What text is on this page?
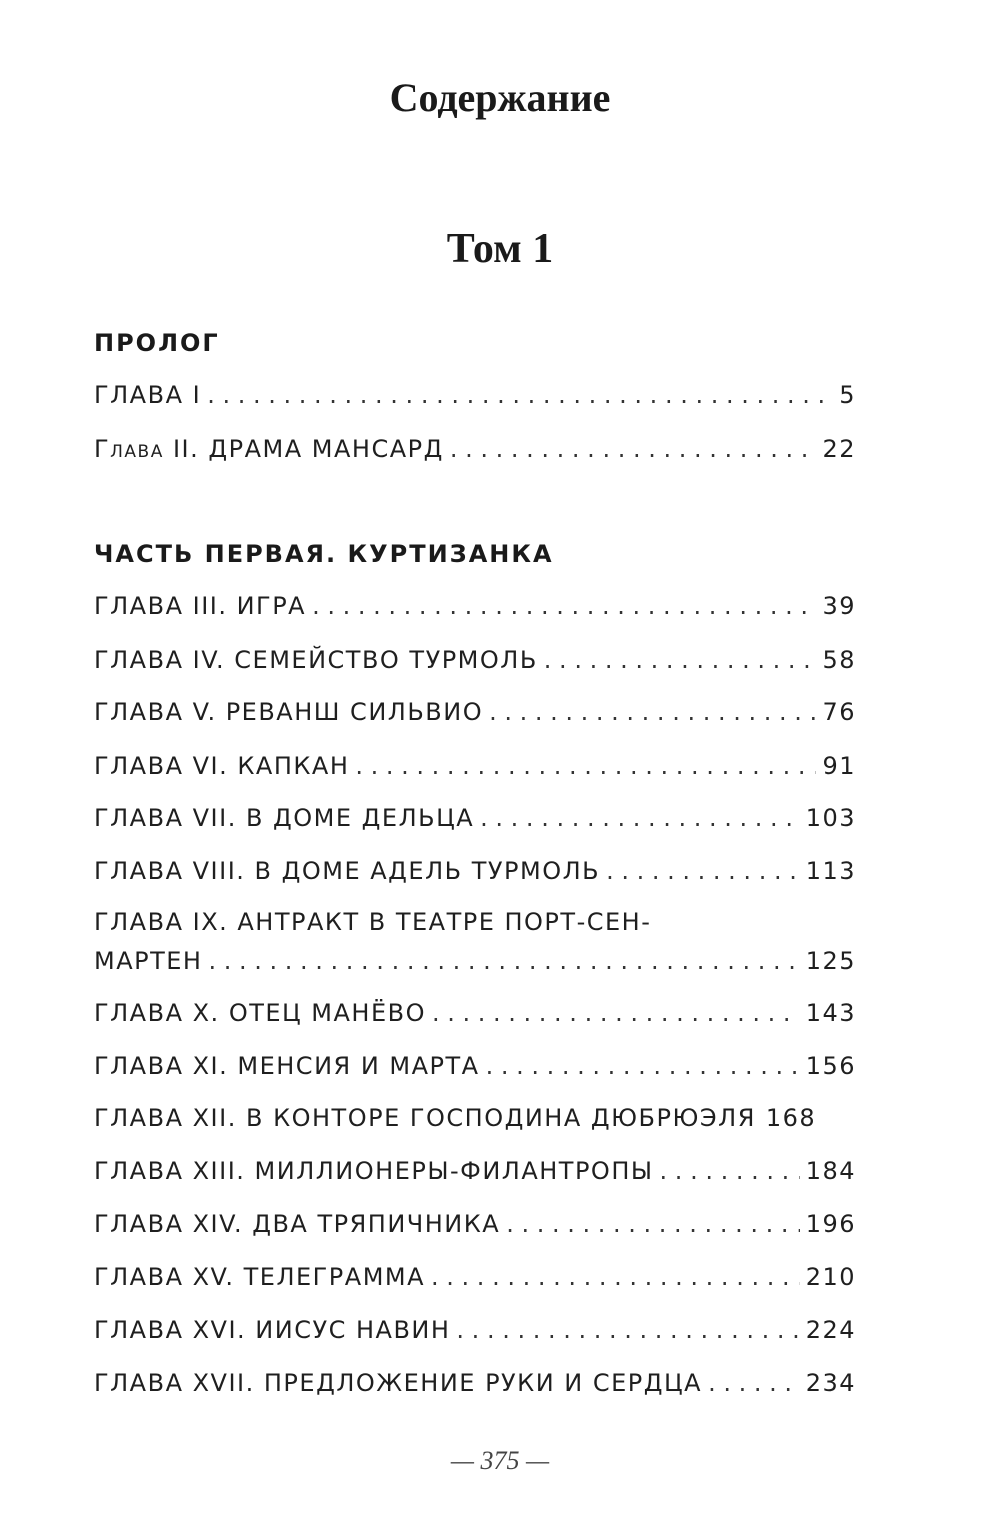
Содержание
Том 1
ПРОЛОГ
ГЛАВА I . . .	5
Глава II. ДРАМА МАНСАРД . . .	22
ЧАСТЬ ПЕРВАЯ. КУРТИЗАНКА
ГЛАВА III. ИГРА . . .	39
ГЛАВА IV. СЕМЕЙСТВО ТУРМОЛЬ . . .	58
ГЛАВА V. РЕВАНШ СИЛЬВИО . . .	76
ГЛАВА VI. КАПКАН . . .	91
ГЛАВА VII. В ДОМЕ ДЕЛЬЦА . . .	103
ГЛАВА VIII. В ДОМЕ АДЕЛЬ ТУРМОЛЬ . . .	113
ГЛАВА IX. АНТРАКТ В ТЕАТРЕ ПОРТ-СЕН-
МАРТЕН . . .	125
ГЛАВА X. ОТЕЦ МАНЁВО . . .	143
ГЛАВА XI. МЕНСИЯ И МАРТА . . .	156
ГЛАВА XII. В КОНТОРЕ ГОСПОДИНА ДЮБРЮЭЛЯ 168
ГЛАВА XIII. МИЛЛИОНЕРЫ-ФИЛАНТРОПЫ . . .	184
ГЛАВА XIV. ДВА ТРЯПИЧНИКА . . .	196
ГЛАВА XV. ТЕЛЕГРАММА . . .	210
ГЛАВА XVI. ИИСУС НАВИН . . .	224
ГЛАВА XVII. ПРЕДЛОЖЕНИЕ РУКИ И СЕРДЦА . . .	234
— 375 —
